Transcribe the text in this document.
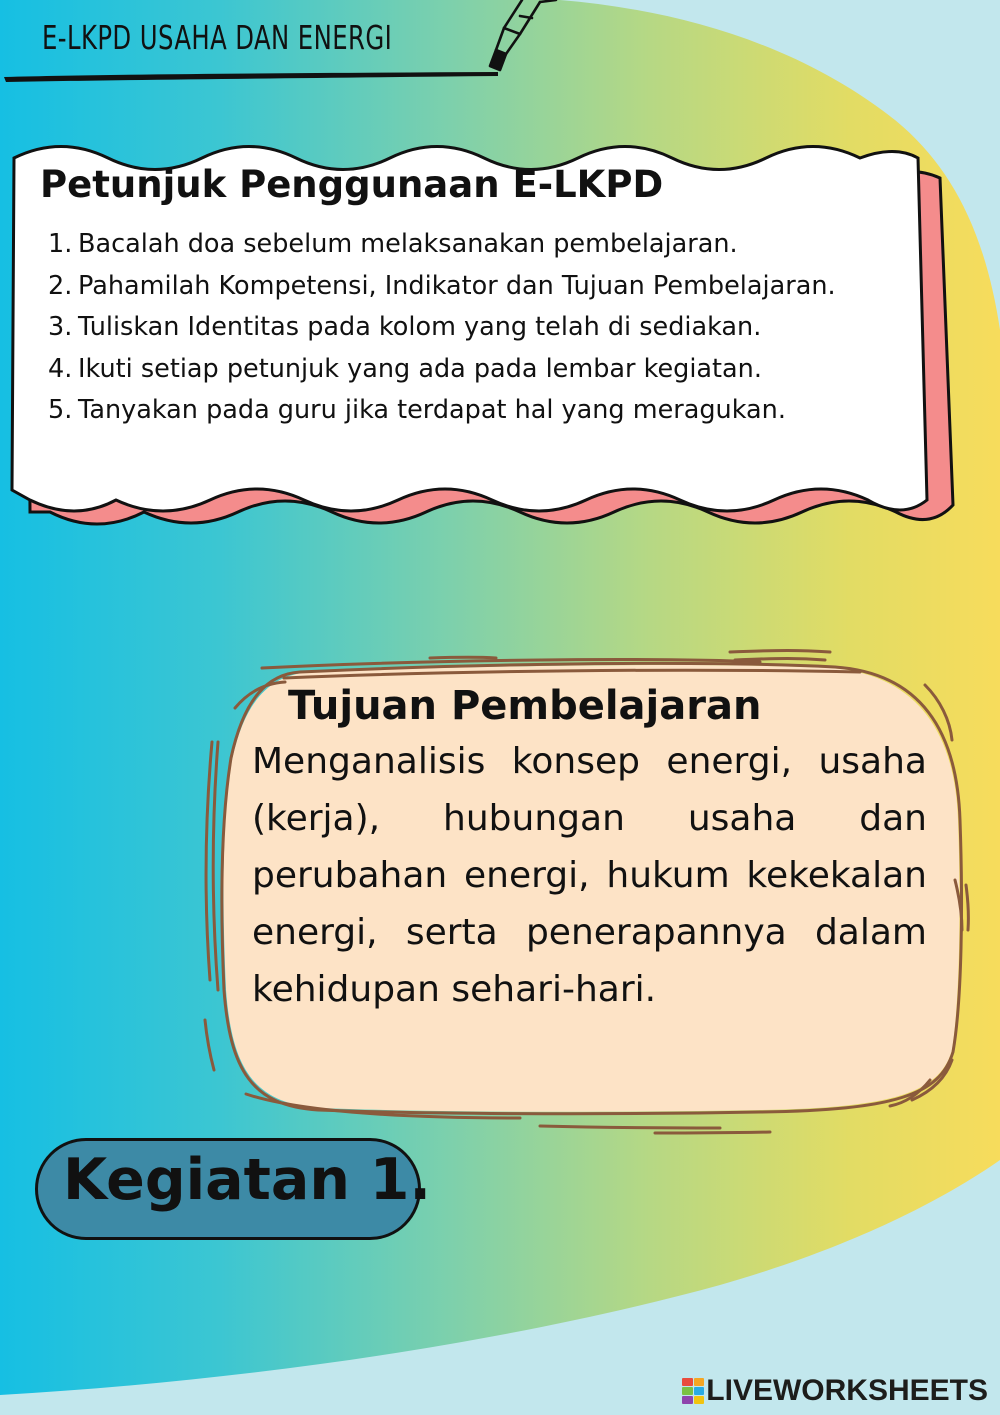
E-LKPD USAHA DAN ENERGI
Petunjuk Penggunaan E-LKPD
1. Bacalah doa sebelum melaksanakan pembelajaran.
2. Pahamilah Kompetensi, Indikator dan Tujuan Pembelajaran.
3. Tuliskan Identitas pada kolom yang telah di sediakan.
4. Ikuti setiap petunjuk yang ada pada lembar kegiatan.
5. Tanyakan pada guru jika terdapat hal yang meragukan.
Tujuan Pembelajaran
Menganalisis konsep energi, usaha (kerja), hubungan usaha dan perubahan energi, hukum kekekalan energi, serta penerapannya dalam kehidupan sehari-hari.
Kegiatan 1.
LIVEWORKSHEETS
